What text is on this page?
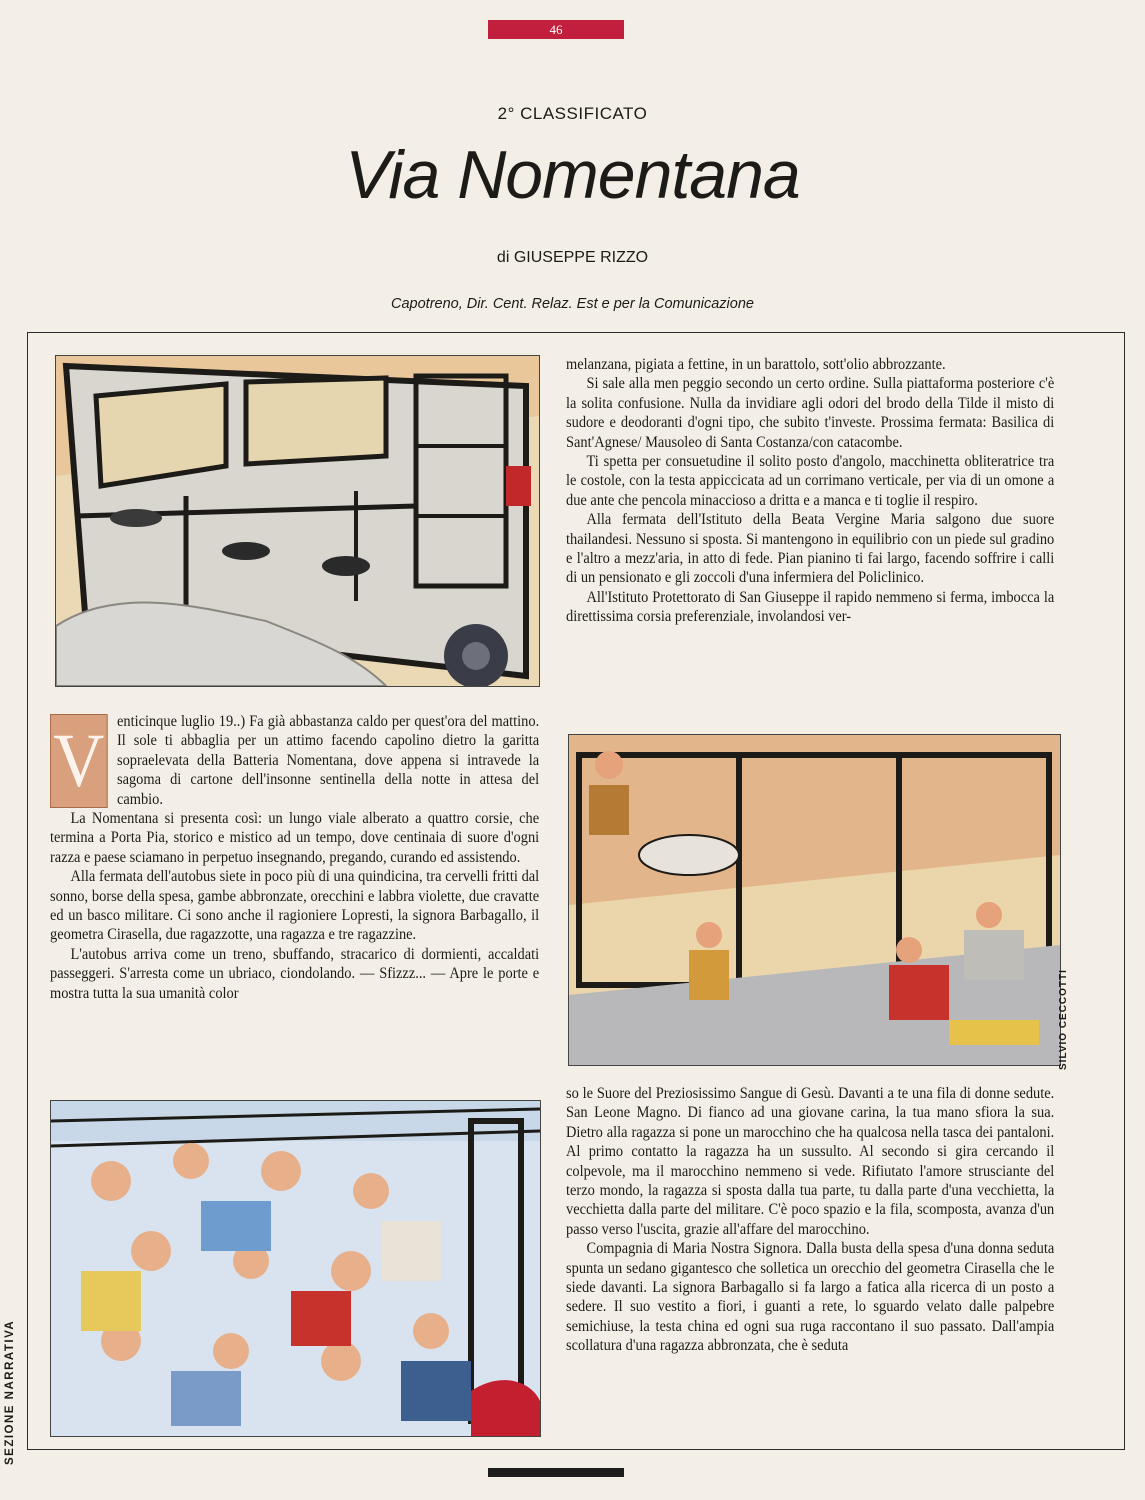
46
2° CLASSIFICATO
Via Nomentana
di GIUSEPPE RIZZO
Capotreno, Dir. Cent. Relaz. Est e per la Comunicazione
SILVIO CECCOTTI

V enticinque luglio 19..) Fa già abbastanza caldo per quest'ora del mattino. Il sole ti abbaglia per un attimo facendo capolino dietro la garitta sopraelevata della Batteria Nomentana, dove appena si intravede la sagoma di cartone dell'insonne sentinella della notte in attesa del cambio.

La Nomentana si presenta così: un lungo viale alberato a quattro corsie, che termina a Porta Pia, storico e mistico ad un tempo, dove centinaia di suore d'ogni razza e paese sciamano in perpetuo insegnando, pregando, curando ed assistendo.

Alla fermata dell'autobus siete in poco più di una quindicina, tra cervelli fritti dal sonno, borse della spesa, gambe abbronzate, orecchini e labbra violette, due cravatte ed un basco militare. Ci sono anche il ragioniere Lopresti, la signora Barbagallo, il geometra Cirasella, due ragazzotte, una ragazza e tre ragazzine.

L'autobus arriva come un treno, sbuffando, stracarico di dormienti, accaldati passeggeri. S'arresta come un ubriaco, ciondolando. — Sfizzz... — Apre le porte e mostra tutta la sua umanità color

melanzana, pigiata a fettine, in un barattolo, sott'olio abbrozzante.

Si sale alla men peggio secondo un certo ordine. Sulla piattaforma posteriore c'è la solita confusione. Nulla da invidiare agli odori del brodo della Tilde il misto di sudore e deodoranti d'ogni tipo, che subito t'investe. Prossima fermata: Basilica di Sant'Agnese/ Mausoleo di Santa Costanza/con catacombe.

Ti spetta per consuetudine il solito posto d'angolo, macchinetta obliteratrice tra le costole, con la testa appiccicata ad un corrimano verticale, per via di un omone a due ante che pencola minaccioso a dritta e a manca e ti toglie il respiro.

Alla fermata dell'Istituto della Beata Vergine Maria salgono due suore thailandesi. Nessuno si sposta. Si mantengono in equilibrio con un piede sul gradino e l'altro a mezz'aria, in atto di fede. Pian pianino ti fai largo, facendo soffrire i calli di un pensionato e gli zoccoli d'una infermiera del Policlinico.

All'Istituto Protettorato di San Giuseppe il rapido nemmeno si ferma, imbocca la direttissima corsia preferenziale, involandosi ver-

so le Suore del Preziosissimo Sangue di Gesù. Davanti a te una fila di donne sedute. San Leone Magno. Di fianco ad una giovane carina, la tua mano sfiora la sua. Dietro alla ragazza si pone un marocchino che ha qualcosa nella tasca dei pantaloni. Al primo contatto la ragazza ha un sussulto. Al secondo si gira cercando il colpevole, ma il marocchino nemmeno si vede. Rifiutato l'amore strusciante del terzo mondo, la ragazza si sposta dalla tua parte, tu dalla parte d'una vecchietta, la vecchietta dalla parte del militare. C'è poco spazio e la fila, scomposta, avanza d'un passo verso l'uscita, grazie all'affare del marocchino.

Compagnia di Maria Nostra Signora. Dalla busta della spesa d'una donna seduta spunta un sedano gigantesco che solletica un orecchio del geometra Cirasella che le siede davanti. La signora Barbagallo si fa largo a fatica alla ricerca di un posto a sedere. Il suo vestito a fiori, i guanti a rete, lo sguardo velato dalle palpebre semichiuse, la testa china ed ogni sua ruga raccontano il suo passato. Dall'ampia scollatura d'una ragazza abbronzata, che è seduta

SEZIONE NARRATIVA
